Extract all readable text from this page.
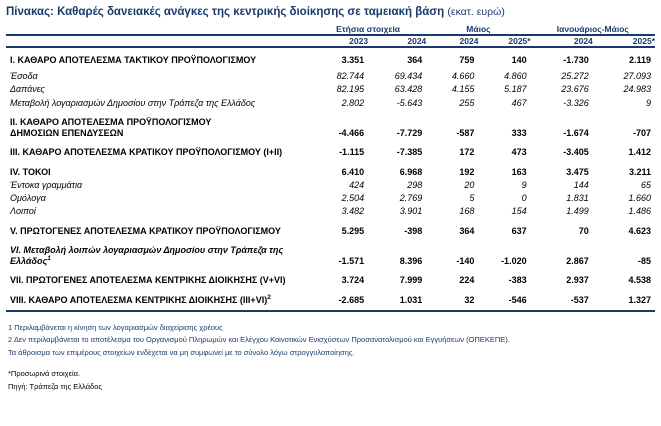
Πίνακας: Καθαρές δανειακές ανάγκες της κεντρικής διοίκησης σε ταμειακή βάση (εκατ. ευρώ)
	Ετήσια στοιχεία		Μάιος		Ιανουάριος-Μάιος	
	2023	2024	2024	2025*	2024	2025*

Ι. ΚΑΘΑΡΟ ΑΠΟΤΕΛΕΣΜΑ ΤΑΚΤΙΚΟΥ ΠΡΟΫΠΟΛΟΓΙΣΜΟΥ	3.351	364	759	140	-1.730	2.119

Έσοδα	82.744	69.434	4.660	4.860	25.272	27.093
Δαπάνες	82.195	63.428	4.155	5.187	23.676	24.983
Μεταβολή λογαριασμών Δημοσίου στην Τράπεζα της Ελλάδος	2.802	-5.643	255	467	-3.326	9

II. ΚΑΘΑΡΟ ΑΠΟΤΕΛΕΣΜΑ ΠΡΟΫΠΟΛΟΓΙΣΜΟΥ
ΔΗΜΟΣΙΩΝ ΕΠΕΝΔΥΣΕΩΝ	-4.466	-7.729	-587	333	-1.674	-707

IIΙ. ΚΑΘΑΡΟ ΑΠΟΤΕΛΕΣΜΑ ΚΡΑΤΙΚΟΥ ΠΡΟΫΠΟΛΟΓΙΣΜΟΥ (Ι+ΙΙ)	-1.115	-7.385	172	473	-3.405	1.412

IV. ΤΟΚΟΙ	6.410	6.968	192	163	3.475	3.211
Έντοκα γραμμάτια	424	298	20	9	144	65
Ομόλογα	2.504	2.769	5	0	1.831	1.660
Λοιποί	3.482	3.901	168	154	1.499	1.486

V. ΠΡΩΤΟΓΕΝΕΣ ΑΠΟΤΕΛΕΣΜΑ ΚΡΑΤΙΚΟΥ ΠΡΟΫΠΟΛΟΓΙΣΜΟΥ	5.295	-398	364	637	70	4.623

VI. Μεταβολή λοιπών λογαριασμών Δημοσίου στην Τράπεζα της Ελλάδος$^1$	-1.571	8.396	-140	-1.020	2.867	-85

VII. ΠΡΩΤΟΓΕΝΕΣ ΑΠΟΤΕΛΕΣΜΑ ΚΕΝΤΡΙΚΗΣ ΔΙΟΙΚΗΣΗΣ (V+VI)	3.724	7.999	224	-383	2.937	4.538

VIII. ΚΑΘΑΡΟ ΑΠΟΤΕΛΕΣΜΑ ΚΕΝΤΡΙΚΗΣ ΔΙΟΙΚΗΣΗΣ $(III+VI)^2$	-2.685	1.031	32	-546	-537	1.327

1 Περιλαμβάνεται η κίνηση των λογαριασμών διαχείρισης χρέους
2 Δεν περιλαμβάνεται το αποτέλεσμα του Οργανισμού Πληρωμών και Ελέγχου Κοινοτικών Ενισχύσεων Προσανατολισμού και Εγγυήσεων (ΟΠΕΚΕΠΕ).
Τα άθροισμα των επιμέρους στοιχείων ενδέχεται να μη συμφωνεί με το σύνολο λόγω στρογγυλοποίησης.
*Προσωρινά στοιχεία.
Πηγή: Τράπεζα της Ελλάδος
